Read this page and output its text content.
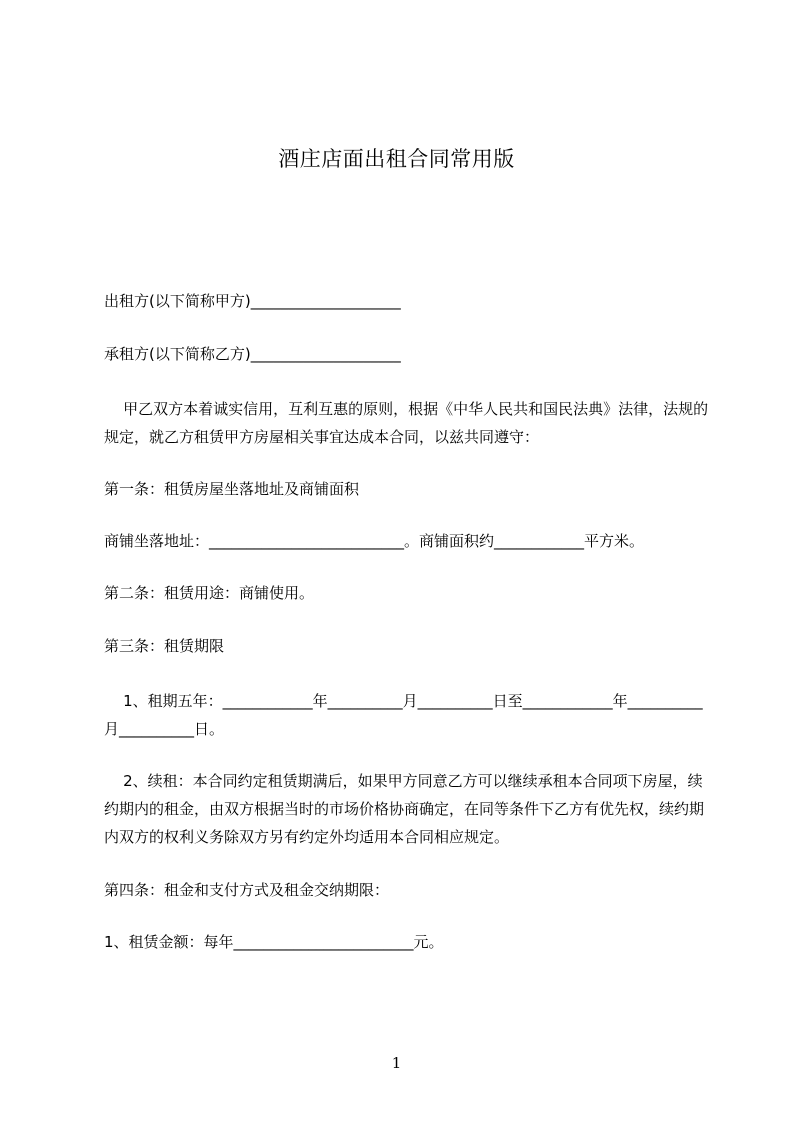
酒庄店面出租合同常用版
出租方(以下简称甲方)____________________
承租方(以下简称乙方)____________________
甲乙双方本着诚实信用，互利互惠的原则，根据《中华人民共和国民法典》法律，法规的规定，就乙方租赁甲方房屋相关事宜达成本合同，以兹共同遵守：
第一条：租赁房屋坐落地址及商铺面积
商铺坐落地址：__________________________。商铺面积约____________平方米。
第二条：租赁用途：商铺使用。
第三条：租赁期限
1、租期五年：____________年__________月__________日至____________年__________月__________日。
2、续租：本合同约定租赁期满后，如果甲方同意乙方可以继续承租本合同项下房屋，续约期内的租金，由双方根据当时的市场价格协商确定，在同等条件下乙方有优先权，续约期内双方的权利义务除双方另有约定外均适用本合同相应规定。
第四条：租金和支付方式及租金交纳期限：
1、租赁金额：每年________________________元。
1
